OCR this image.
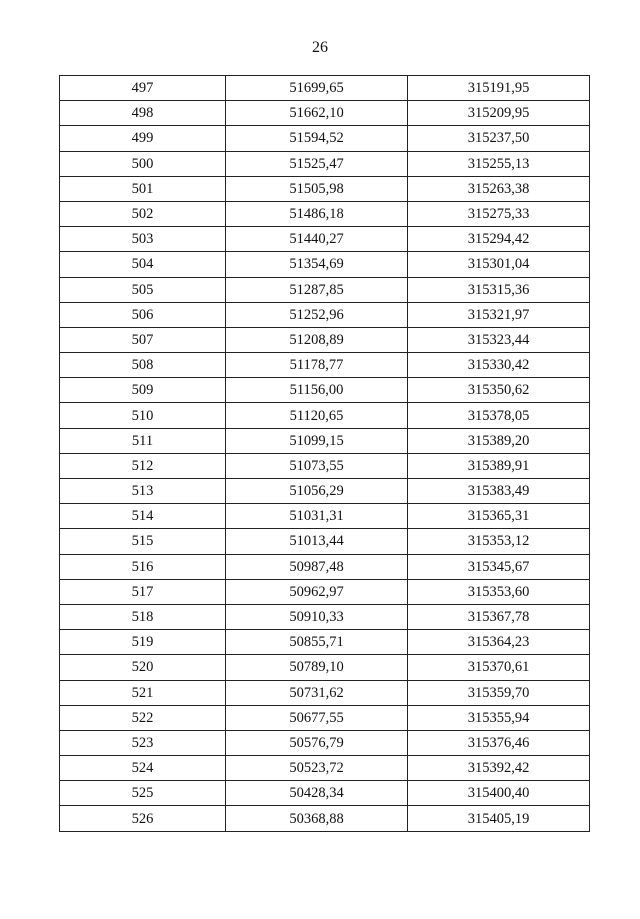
26
497	51699,65	315191,95
498	51662,10	315209,95
499	51594,52	315237,50
500	51525,47	315255,13
501	51505,98	315263,38
502	51486,18	315275,33
503	51440,27	315294,42
504	51354,69	315301,04
505	51287,85	315315,36
506	51252,96	315321,97
507	51208,89	315323,44
508	51178,77	315330,42
509	51156,00	315350,62
510	51120,65	315378,05
511	51099,15	315389,20
512	51073,55	315389,91
513	51056,29	315383,49
514	51031,31	315365,31
515	51013,44	315353,12
516	50987,48	315345,67
517	50962,97	315353,60
518	50910,33	315367,78
519	50855,71	315364,23
520	50789,10	315370,61
521	50731,62	315359,70
522	50677,55	315355,94
523	50576,79	315376,46
524	50523,72	315392,42
525	50428,34	315400,40
526	50368,88	315405,19
